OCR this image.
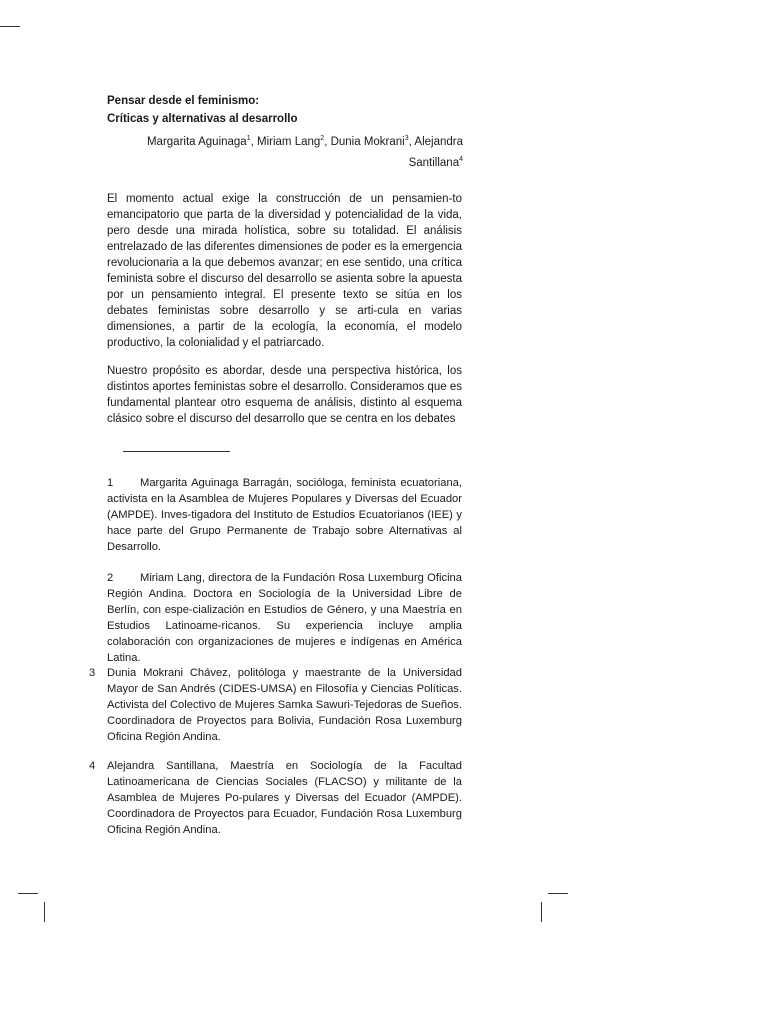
Pensar desde el feminismo:
Críticas y alternativas al desarrollo
Margarita Aguinaga$^1$, Miriam Lang$^2$, Dunia Mokrani$^3$, Alejandra Santillana$^4$

El momento actual exige la construcción de un pensamien-to emancipatorio que parta de la diversidad y potencialidad de la vida, pero desde una mirada holística, sobre su totalidad. El análisis entrelazado de las diferentes dimensiones de poder es la emergencia revolucionaria a la que debemos avanzar; en ese sentido, una crítica feminista sobre el discurso del desarrollo se asienta sobre la apuesta por un pensamiento integral. El presente texto se sitúa en los debates feministas sobre desarrollo y se arti-cula en varias dimensiones, a partir de la ecología, la economía, el modelo productivo, la colonialidad y el patriarcado.

Nuestro propósito es abordar, desde una perspectiva histórica, los distintos aportes feministas sobre el desarrollo. Consideramos que es fundamental plantear otro esquema de análisis, distinto al esquema clásico sobre el discurso del desarrollo que se centra en los debates

1 Margarita Aguinaga Barragán, socióloga, feminista ecuatoriana, activista en la Asamblea de Mujeres Populares y Diversas del Ecuador (AMPDE). Inves-tigadora del Instituto de Estudios Ecuatorianos (IEE) y hace parte del Grupo Permanente de Trabajo sobre Alternativas al Desarrollo.
2 Miriam Lang, directora de la Fundación Rosa Luxemburg Oficina Región Andina. Doctora en Sociología de la Universidad Libre de Berlín, con espe-cialización en Estudios de Género, y una Maestría en Estudios Latinoame-ricanos. Su experiencia incluye amplia colaboración con organizaciones de mujeres e indígenas en América Latina.
3 Dunia Mokrani Chávez, politóloga y maestrante de la Universidad Mayor de San Andrés (CIDES-UMSA) en Filosofía y Ciencias Políticas. Activista del Colectivo de Mujeres Samka Sawuri-Tejedoras de Sueños. Coordinadora de Proyectos para Bolivia, Fundación Rosa Luxemburg Oficina Región Andina.
4 Alejandra Santillana, Maestría en Sociología de la Facultad Latinoamericana de Ciencias Sociales (FLACSO) y militante de la Asamblea de Mujeres Po-pulares y Diversas del Ecuador (AMPDE). Coordinadora de Proyectos para Ecuador, Fundación Rosa Luxemburg Oficina Región Andina.
